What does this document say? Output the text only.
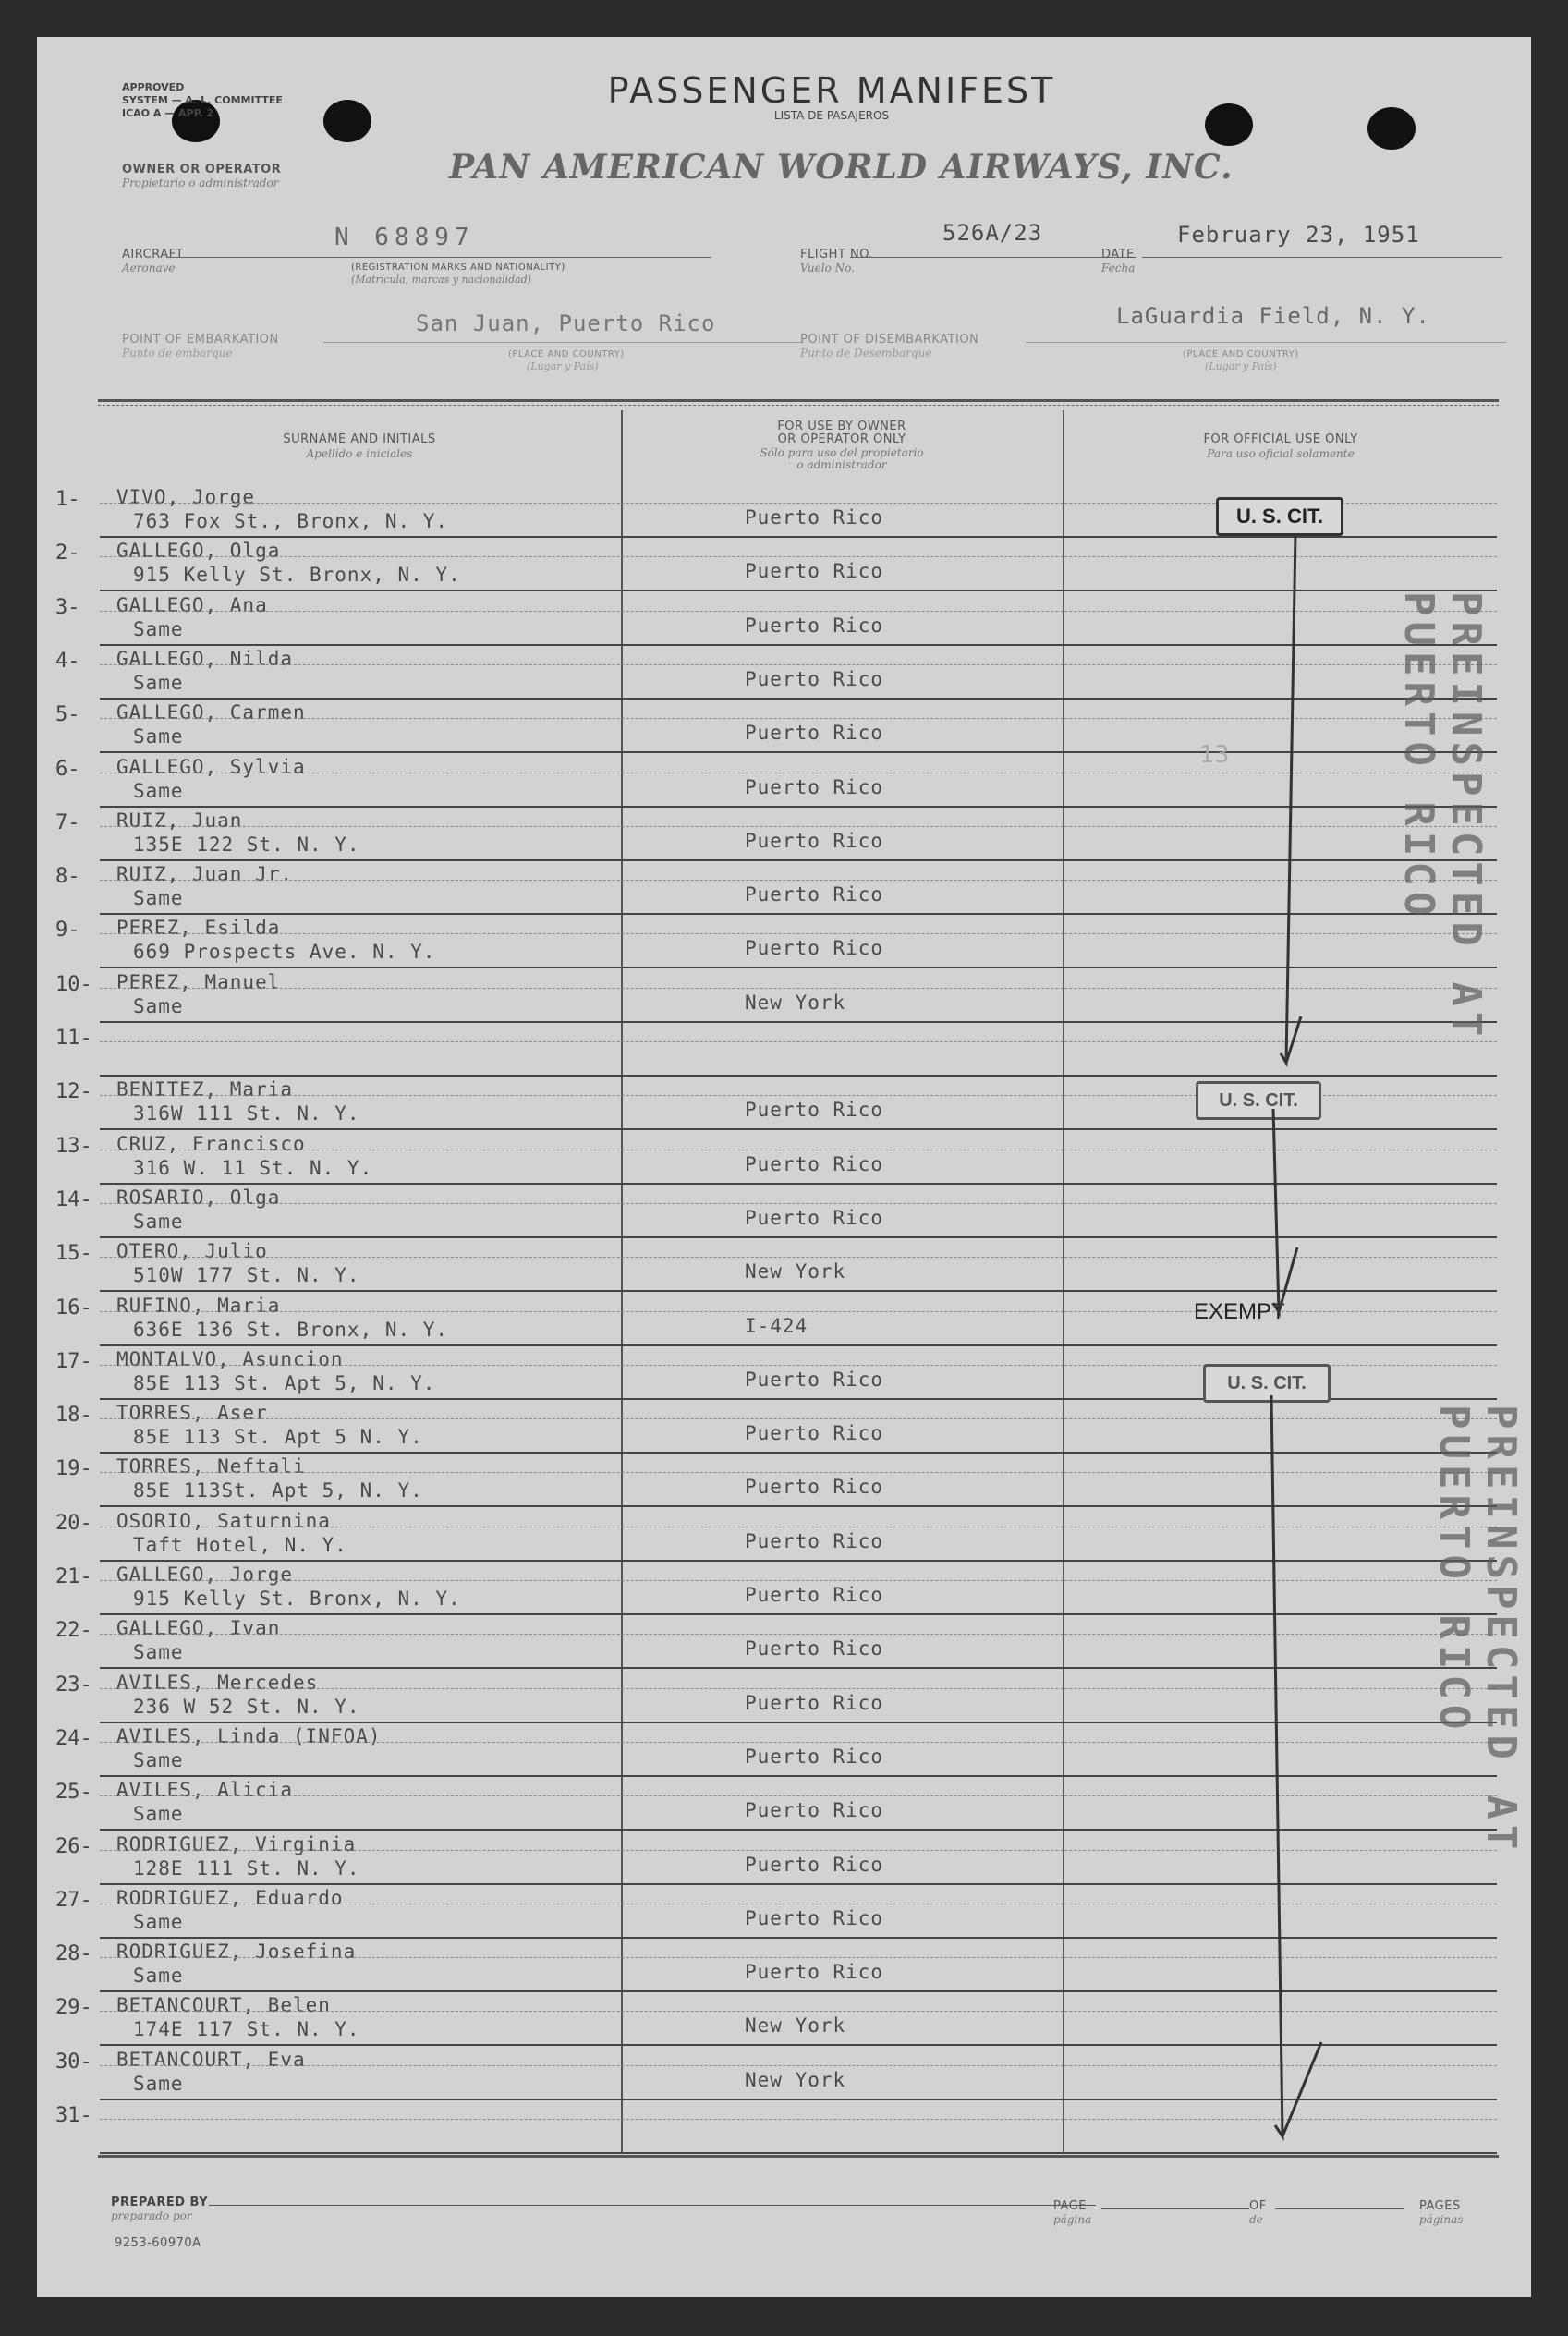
APPROVED
SYSTEM — A. L. COMMITTEE
ICAO A — APP. 2
PASSENGER MANIFEST
LISTA DE PASAJEROS
OWNER OR OPERATOR
Propietario o administrador	PAN AMERICAN WORLD AIRWAYS, INC.
AIRCRAFT
Aeronave
N 68897
(REGISTRATION MARKS AND NATIONALITY)
(Matrícula, marcas y nacionalidad)
FLIGHT NO.
Vuelo No.
526A/23
DATE
Fecha
February 23, 1951
POINT OF EMBARKATION
Punto de embarque
San Juan, Puerto Rico
(PLACE AND COUNTRY)
(Lugar y País)
POINT OF DISEMBARKATION
Punto de Desembarque
LaGuardia Field, N. Y.
(PLACE AND COUNTRY)
(Lugar y País)
SURNAME AND INITIALS
Apellido e iniciales
FOR USE BY OWNER
OR OPERATOR ONLY
Sólo para uso del propietario
o administrador
FOR OFFICIAL USE ONLY
Para uso oficial solamente
1- VIVO, Jorge
763 Fox St., Bronx, N. Y.	Puerto Rico
2- GALLEGO, Olga
915 Kelly St. Bronx, N. Y.	Puerto Rico
3- GALLEGO, Ana
Same	Puerto Rico
4- GALLEGO, Nilda
Same	Puerto Rico
5- GALLEGO, Carmen
Same	Puerto Rico
6- GALLEGO, Sylvia
Same	Puerto Rico
7- RUIZ, Juan
135E 122 St. N. Y.	Puerto Rico
8- RUIZ, Juan Jr.
Same	Puerto Rico
9- PEREZ, Esilda
669 Prospects Ave. N. Y.	Puerto Rico
10- PEREZ, Manuel
Same	New York
11-
12- BENITEZ, Maria
316W 111 St. N. Y.	Puerto Rico
13- CRUZ, Francisco
316 W. 11 St. N. Y.	Puerto Rico
14- ROSARIO, Olga
Same	Puerto Rico
15- OTERO, Julio
510W 177 St. N. Y.	New York
16- RUFINO, Maria
636E 136 St. Bronx, N. Y.	I-424
17- MONTALVO, Asuncion
85E 113 St. Apt 5, N. Y.	Puerto Rico
18- TORRES, Aser
85E 113 St. Apt 5 N. Y.	Puerto Rico
19- TORRES, Neftali
85E 113St. Apt 5, N. Y.	Puerto Rico
20- OSORIO, Saturnina
Taft Hotel, N. Y.	Puerto Rico
21- GALLEGO, Jorge
915 Kelly St. Bronx, N. Y.	Puerto Rico
22- GALLEGO, Ivan
Same	Puerto Rico
23- AVILES, Mercedes
236 W 52 St. N. Y.	Puerto Rico
24- AVILES, Linda (INFOA)
Same	Puerto Rico
25- AVILES, Alicia
Same	Puerto Rico
26- RODRIGUEZ, Virginia
128E 111 St. N. Y.	Puerto Rico
27- RODRIGUEZ, Eduardo
Same	Puerto Rico
28- RODRIGUEZ, Josefina
Same	Puerto Rico
29- BETANCOURT, Belen
174E 117 St. N. Y.	New York
30- BETANCOURT, Eva
Same	New York
31-
U. S. CIT.
U. S. CIT.
U. S. CIT.
EXEMPT
13	PREINSPECTED AT PUERTO RICO
PREINSPECTED AT PUERTO RICO
PREPARED BY
preparado por
PAGE
página
OF
de
PAGES
páginas
9253-60970A
